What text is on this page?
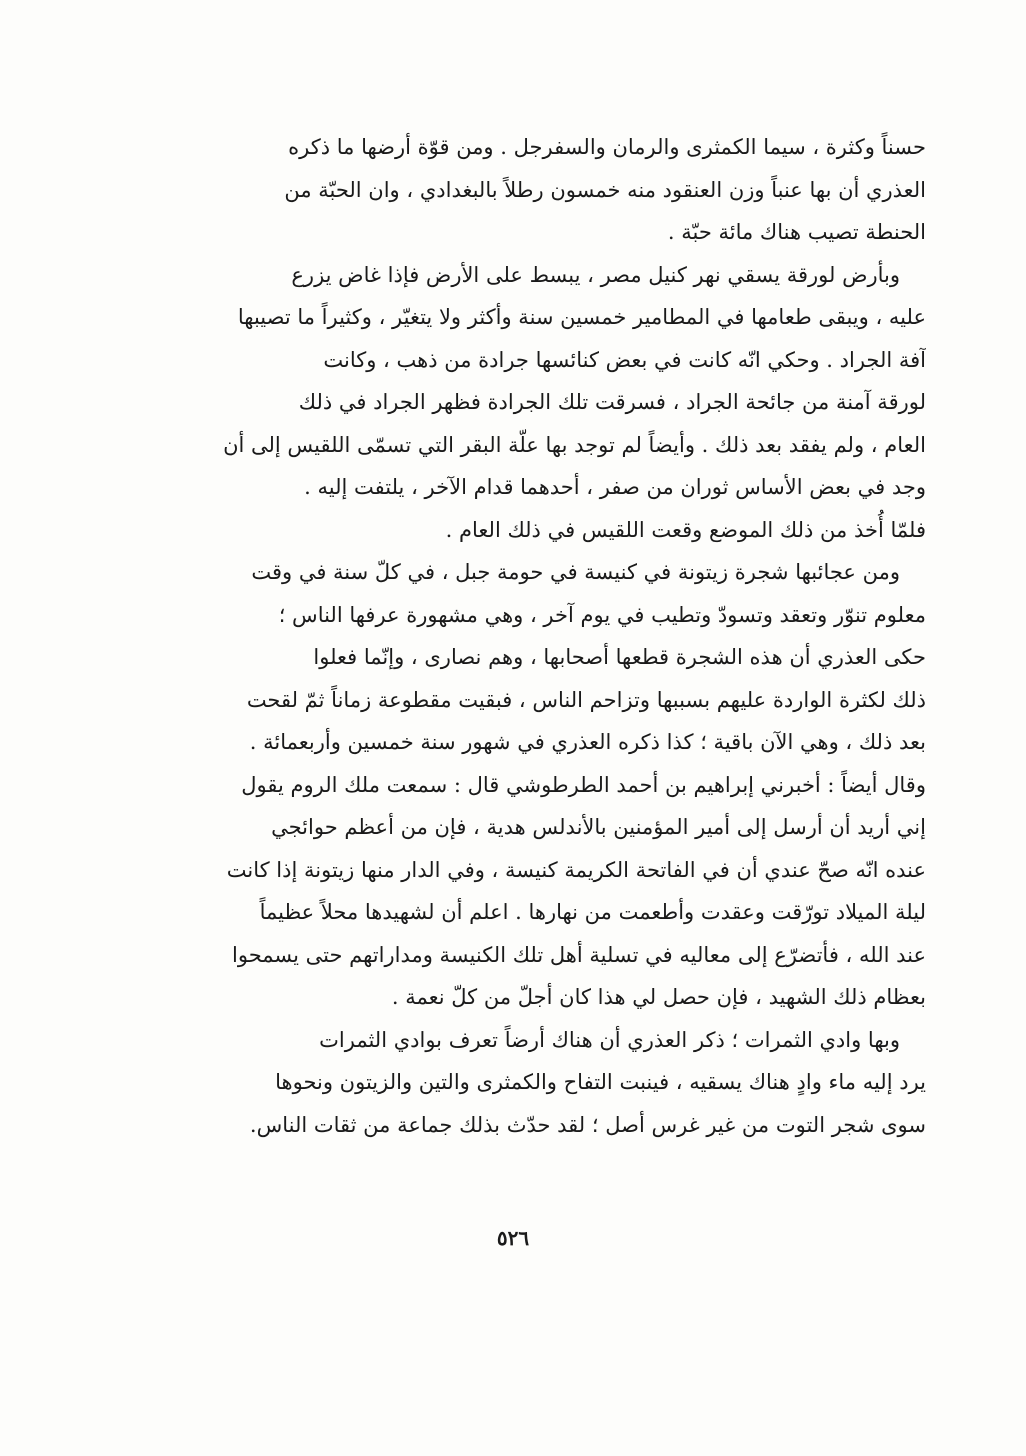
حسناً وكثرة ، سيما الكمثرى والرمان والسفرجل . ومن قوّة أرضها ما ذكره
العذري أن بها عنباً وزن العنقود منه خمسون رطلاً بالبغدادي ، وان الحبّة من
الحنطة تصيب هناك مائة حبّة .
وبأرض لورقة يسقي نهر كنيل مصر ، يبسط على الأرض فإذا غاض يزرع
عليه ، ويبقى طعامها في المطامير خمسين سنة وأكثر ولا يتغيّر ، وكثيراً ما تصيبها
آفة الجراد . وحكي انّه كانت في بعض كنائسها جرادة من ذهب ، وكانت
لورقة آمنة من جائحة الجراد ، فسرقت تلك الجرادة فظهر الجراد في ذلك
العام ، ولم يفقد بعد ذلك . وأيضاً لم توجد بها علّة البقر التي تسمّى اللقيس إلى أن
وجد في بعض الأساس ثوران من صفر ، أحدهما قدام الآخر ، يلتفت إليه .
فلمّا أُخذ من ذلك الموضع وقعت اللقيس في ذلك العام .
ومن عجائبها شجرة زيتونة في كنيسة في حومة جبل ، في كلّ سنة في وقت
معلوم تنوّر وتعقد وتسودّ وتطيب في يوم آخر ، وهي مشهورة عرفها الناس ؛
حكى العذري أن هذه الشجرة قطعها أصحابها ، وهم نصارى ، وإنّما فعلوا
ذلك لكثرة الواردة عليهم بسببها وتزاحم الناس ، فبقيت مقطوعة زماناً ثمّ لقحت
بعد ذلك ، وهي الآن باقية ؛ كذا ذكره العذري في شهور سنة خمسين وأربعمائة .
وقال أيضاً : أخبرني إبراهيم بن أحمد الطرطوشي قال : سمعت ملك الروم يقول
إني أريد أن أرسل إلى أمير المؤمنين بالأندلس هدية ، فإن من أعظم حوائجي
عنده انّه صحّ عندي أن في الفاتحة الكريمة كنيسة ، وفي الدار منها زيتونة إذا كانت
ليلة الميلاد تورّقت وعقدت وأطعمت من نهارها . اعلم أن لشهيدها محلاً عظيماً
عند الله ، فأتضرّع إلى معاليه في تسلية أهل تلك الكنيسة ومداراتهم حتى يسمحوا
بعظام ذلك الشهيد ، فإن حصل لي هذا كان أجلّ من كلّ نعمة .
وبها وادي الثمرات ؛ ذكر العذري أن هناك أرضاً تعرف بوادي الثمرات
يرد إليه ماء وادٍ هناك يسقيه ، فينبت التفاح والكمثرى والتين والزيتون ونحوها
سوى شجر التوت من غير غرس أصل ؛ لقد حدّث بذلك جماعة من ثقات الناس.
٥٢٦
